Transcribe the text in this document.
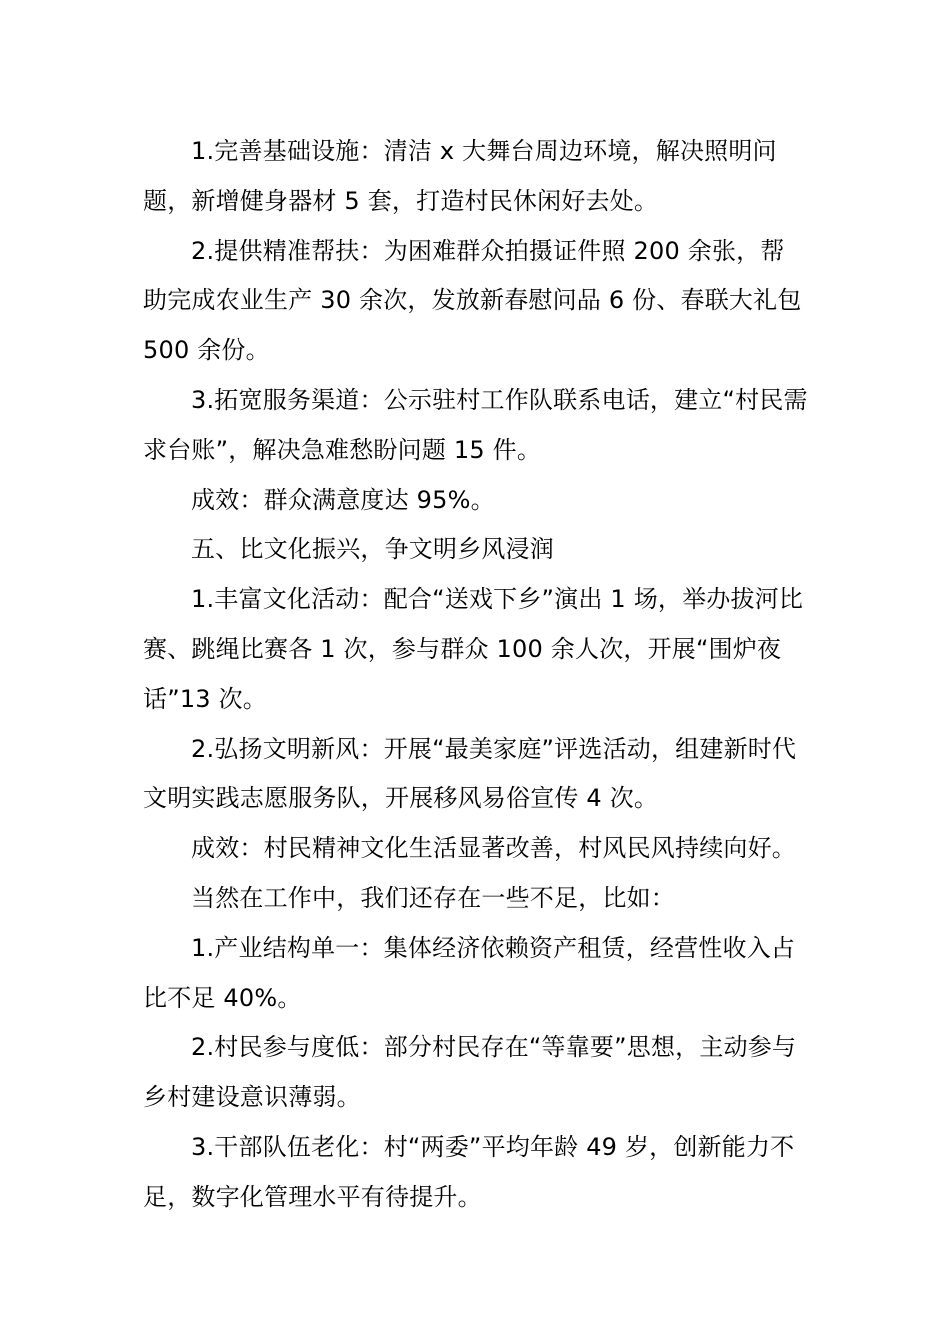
1.完善基础设施：清洁 x 大舞台周边环境，解决照明问题，新增健身器材 5 套，打造村民休闲好去处。

2.提供精准帮扶：为困难群众拍摄证件照 200 余张，帮助完成农业生产 30 余次，发放新春慰问品 6 份、春联大礼包 500 余份。

3.拓宽服务渠道：公示驻村工作队联系电话，建立“村民需求台账”，解决急难愁盼问题 15 件。

成效：群众满意度达 95%。

五、比文化振兴，争文明乡风浸润

1.丰富文化活动：配合“送戏下乡”演出 1 场，举办拔河比赛、跳绳比赛各 1 次，参与群众 100 余人次，开展“围炉夜话”13 次。

2.弘扬文明新风：开展“最美家庭”评选活动，组建新时代文明实践志愿服务队，开展移风易俗宣传 4 次。

成效：村民精神文化生活显著改善，村风民风持续向好。

当然在工作中，我们还存在一些不足，比如：

1.产业结构单一：集体经济依赖资产租赁，经营性收入占比不足 40%。

2.村民参与度低：部分村民存在“等靠要”思想，主动参与乡村建设意识薄弱。

3.干部队伍老化：村“两委”平均年龄 49 岁，创新能力不足，数字化管理水平有待提升。
